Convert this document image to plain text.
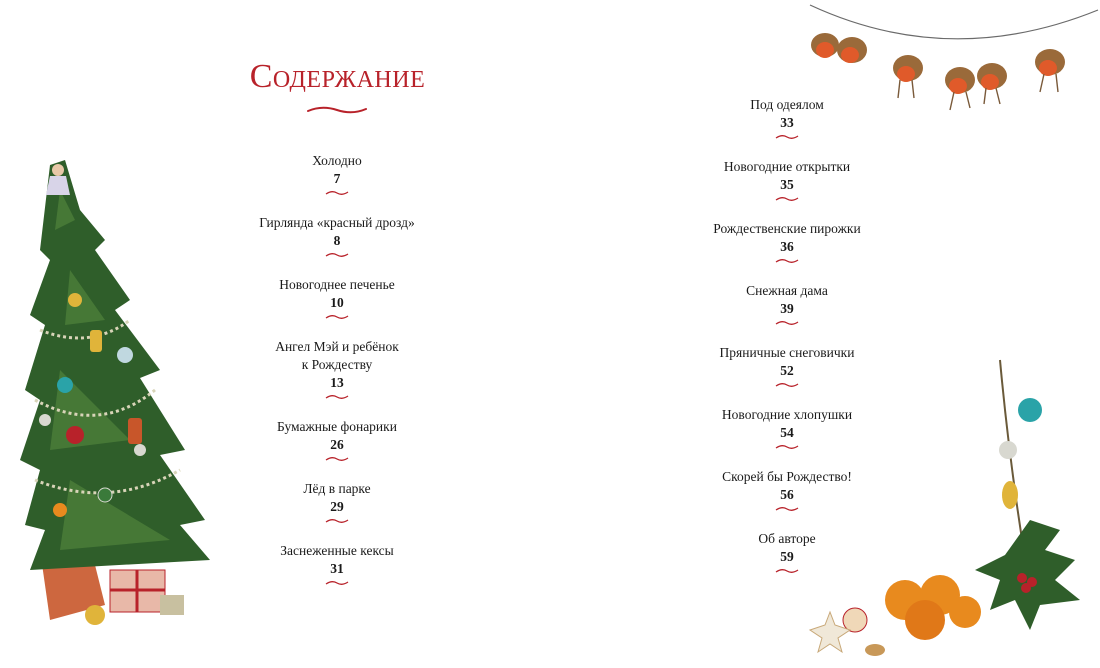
Содержание
Холодно
7
Гирлянда «красный дрозд»
8
Новогоднее печенье
10
Ангел Мэй и ребёнок
к Рождеству
13
Бумажные фонарики
26
Лёд в парке
29
Заснеженные кексы
31
Под одеялом
33
Новогодние открытки
35
Рождественские пирожки
36
Снежная дама
39
Пряничные снеговички
52
Новогодние хлопушки
54
Скорей бы Рождество!
56
Об авторе
59
